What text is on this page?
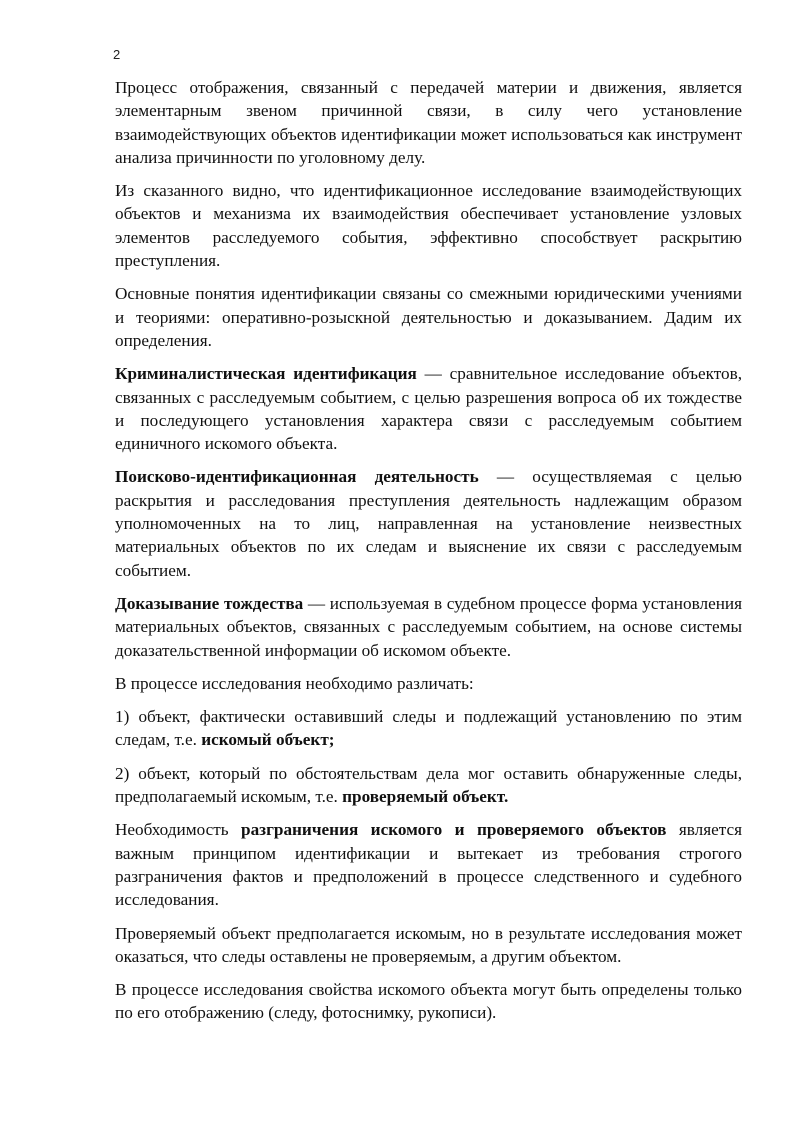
2

Процесс отображения, связанный с передачей материи и движения, является элементарным звеном причинной связи, в силу чего установление взаимодействующих объектов идентификации может использоваться как инструмент анализа причинности по уголовному делу.

Из сказанного видно, что идентификационное исследование взаимодействующих объектов и механизма их взаимодействия обеспечивает установление узловых элементов расследуемого события, эффективно способствует раскрытию преступления.

Основные понятия идентификации связаны со смежными юридическими учениями и теориями: оперативно-розыскной деятельностью и доказыванием. Дадим их определения.

Криминалистическая идентификация — сравнительное исследование объектов, связанных с расследуемым событием, с целью разрешения вопроса об их тождестве и последующего установления характера связи с расследуемым событием единичного искомого объекта.

Поисково-идентификационная деятельность — осуществляемая с целью раскрытия и расследования преступления деятельность надлежащим образом уполномоченных на то лиц, направленная на установление неизвестных материальных объектов по их следам и выяснение их связи с расследуемым событием.

Доказывание тождества — используемая в судебном процессе форма установления материальных объектов, связанных с расследуемым событием, на основе системы доказательственной информации об искомом объекте.

В процессе исследования необходимо различать:

1) объект, фактически оставивший следы и подлежащий установлению по этим следам, т.е. искомый объект;

2) объект, который по обстоятельствам дела мог оставить обнаруженные следы, предполагаемый искомым, т.е. проверяемый объект.

Необходимость разграничения искомого и проверяемого объектов является важным принципом идентификации и вытекает из требования строгого разграничения фактов и предположений в процессе следственного и судебного исследования.

Проверяемый объект предполагается искомым, но в результате исследования может оказаться, что следы оставлены не проверяемым, а другим объектом.

В процессе исследования свойства искомого объекта могут быть определены только по его отображению (следу, фотоснимку, рукописи).
